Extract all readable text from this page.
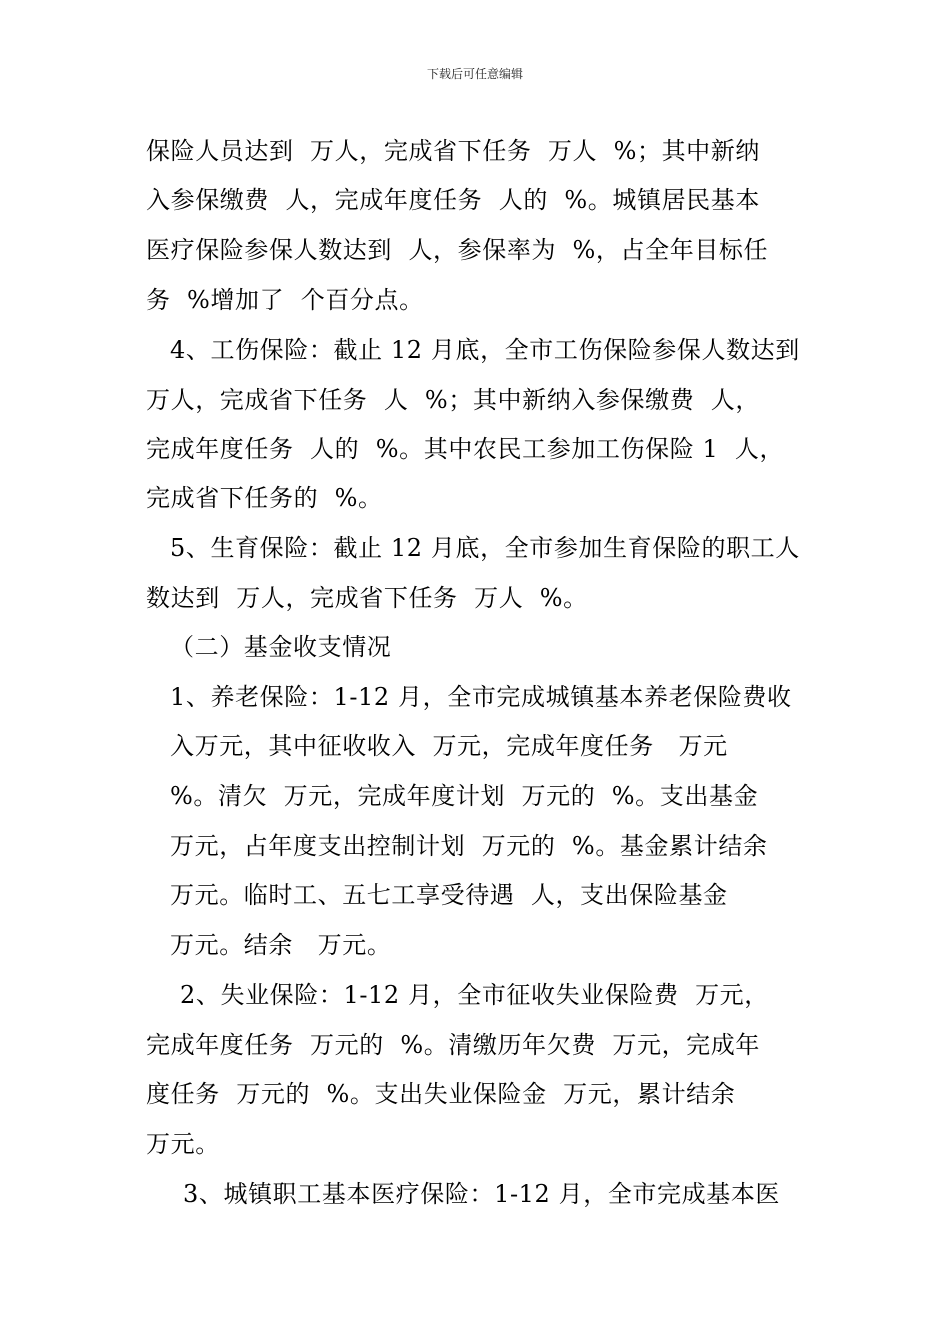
下载后可任意编辑

保险人员达到  万人，完成省下任务  万人  %；其中新纳

入参保缴费  人，完成年度任务  人的  %。城镇居民基本

医疗保险参保人数达到  人，参保率为  %，占全年目标任

务  %增加了  个百分点。

4、工伤保险：截止 12 月底，全市工伤保险参保人数达到

万人，完成省下任务  人  %；其中新纳入参保缴费  人，

完成年度任务  人的  %。其中农民工参加工伤保险 1  人，

完成省下任务的  %。

5、生育保险：截止 12 月底，全市参加生育保险的职工人

数达到  万人，完成省下任务  万人  %。

（二）基金收支情况

1、养老保险：1-12 月，全市完成城镇基本养老保险费收

入万元，其中征收收入  万元，完成年度任务   万元

%。清欠  万元，完成年度计划  万元的  %。支出基金

万元，占年度支出控制计划  万元的  %。基金累计结余

万元。临时工、五七工享受待遇  人，支出保险基金

万元。结余   万元。

2、失业保险：1-12 月，全市征收失业保险费  万元，

完成年度任务  万元的  %。清缴历年欠费  万元，完成年

度任务  万元的  %。支出失业保险金  万元，累计结余

万元。

3、城镇职工基本医疗保险：1-12 月，全市完成基本医
